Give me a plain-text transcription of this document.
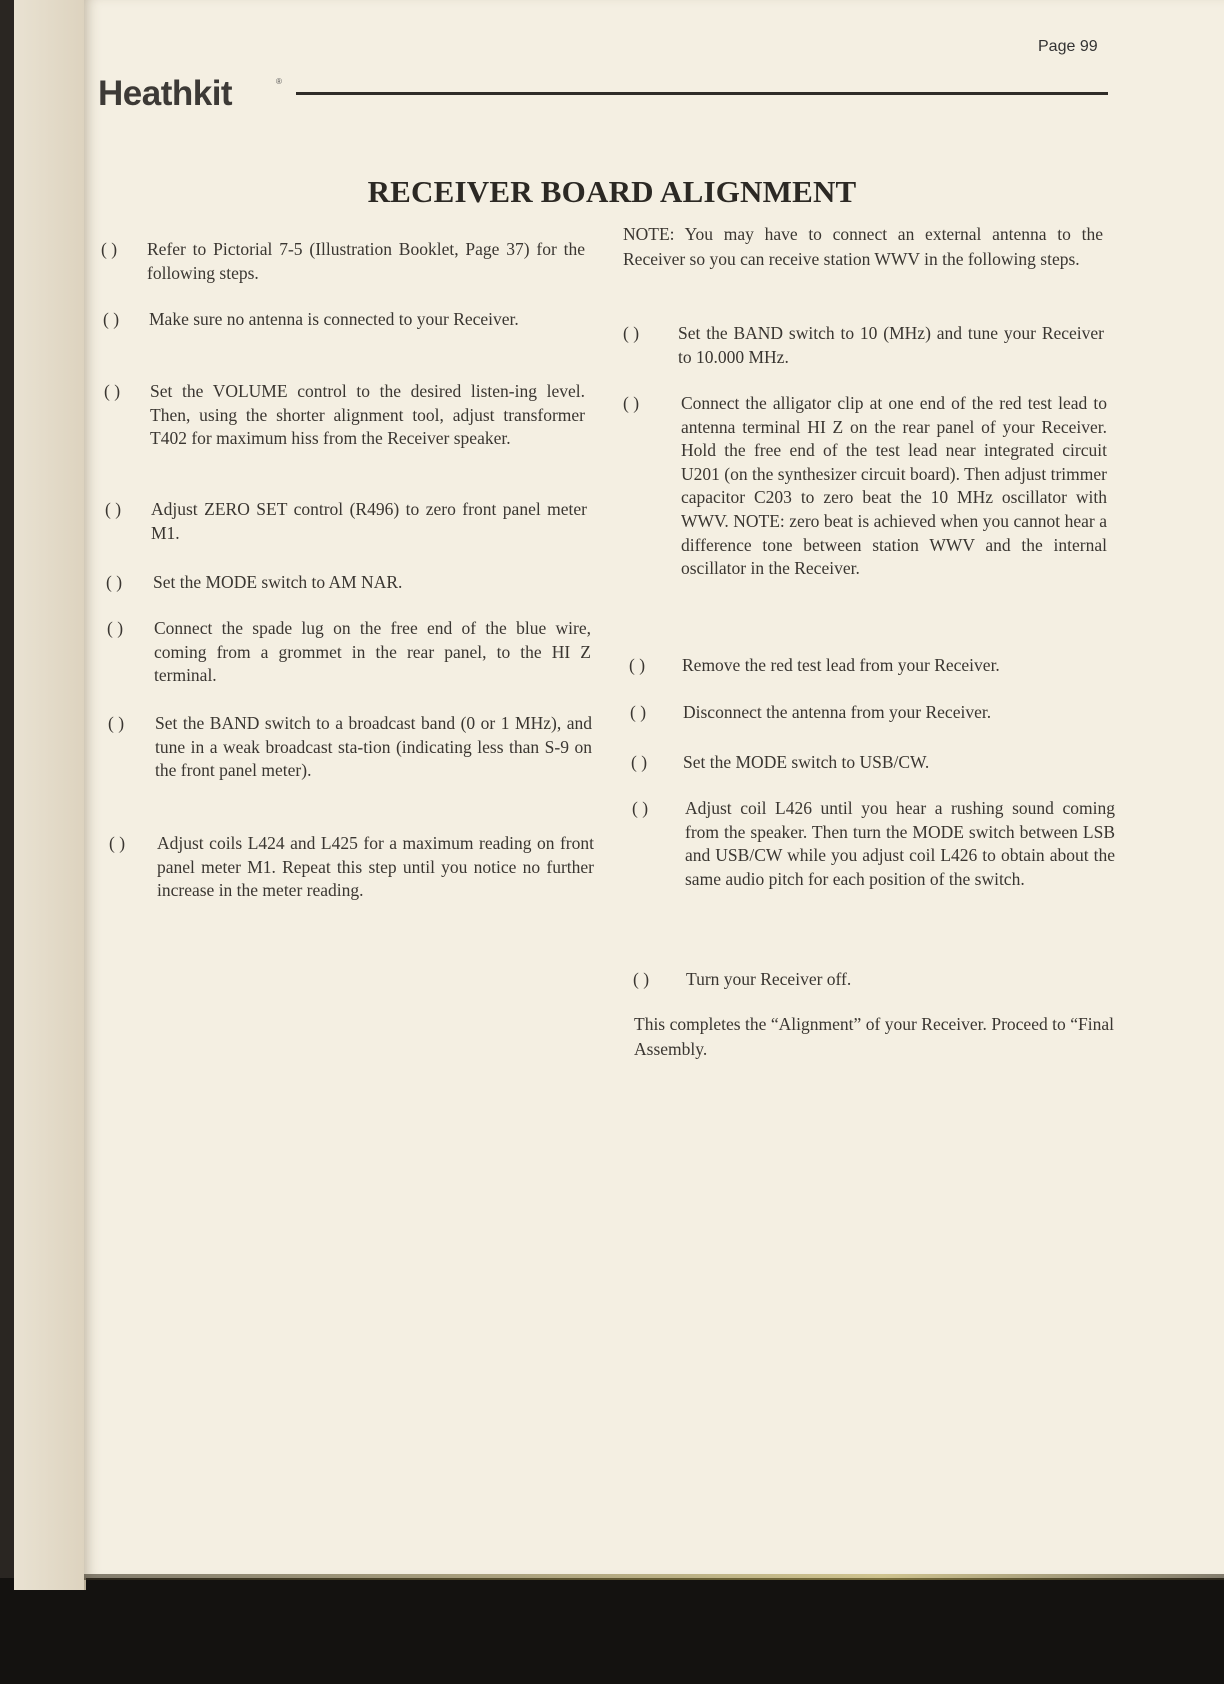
Page 99
Heathkit	®
RECEIVER BOARD ALIGNMENT
( ) Refer to Pictorial 7-5 (Illustration Booklet, Page 37) for the following steps.
( ) Make sure no antenna is connected to your Receiver.
( ) Set the VOLUME control to the desired listen-ing level. Then, using the shorter alignment tool, adjust transformer T402 for maximum hiss from the Receiver speaker.
( ) Adjust ZERO SET control (R496) to zero front panel meter M1.
( ) Set the MODE switch to AM NAR.
( ) Connect the spade lug on the free end of the blue wire, coming from a grommet in the rear panel, to the HI Z terminal.
( ) Set the BAND switch to a broadcast band (0 or 1 MHz), and tune in a weak broadcast sta-tion (indicating less than S-9 on the front panel meter).
( ) Adjust coils L424 and L425 for a maximum reading on front panel meter M1. Repeat this step until you notice no further increase in the meter reading.
NOTE: You may have to connect an external antenna to the Receiver so you can receive station WWV in the following steps.
( ) Set the BAND switch to 10 (MHz) and tune your Receiver to 10.000 MHz.
( ) Connect the alligator clip at one end of the red test lead to antenna terminal HI Z on the rear panel of your Receiver. Hold the free end of the test lead near integrated circuit U201 (on the synthesizer circuit board). Then adjust trimmer capacitor C203 to zero beat the 10 MHz oscillator with WWV. NOTE: zero beat is achieved when you cannot hear a difference tone between station WWV and the internal oscillator in the Receiver.
( ) Remove the red test lead from your Receiver.
( ) Disconnect the antenna from your Receiver.
( ) Set the MODE switch to USB/CW.
( ) Adjust coil L426 until you hear a rushing sound coming from the speaker. Then turn the MODE switch between LSB and USB/CW while you adjust coil L426 to obtain about the same audio pitch for each position of the switch.
( ) Turn your Receiver off.
This completes the “Alignment” of your Receiver. Proceed to “Final Assembly.
